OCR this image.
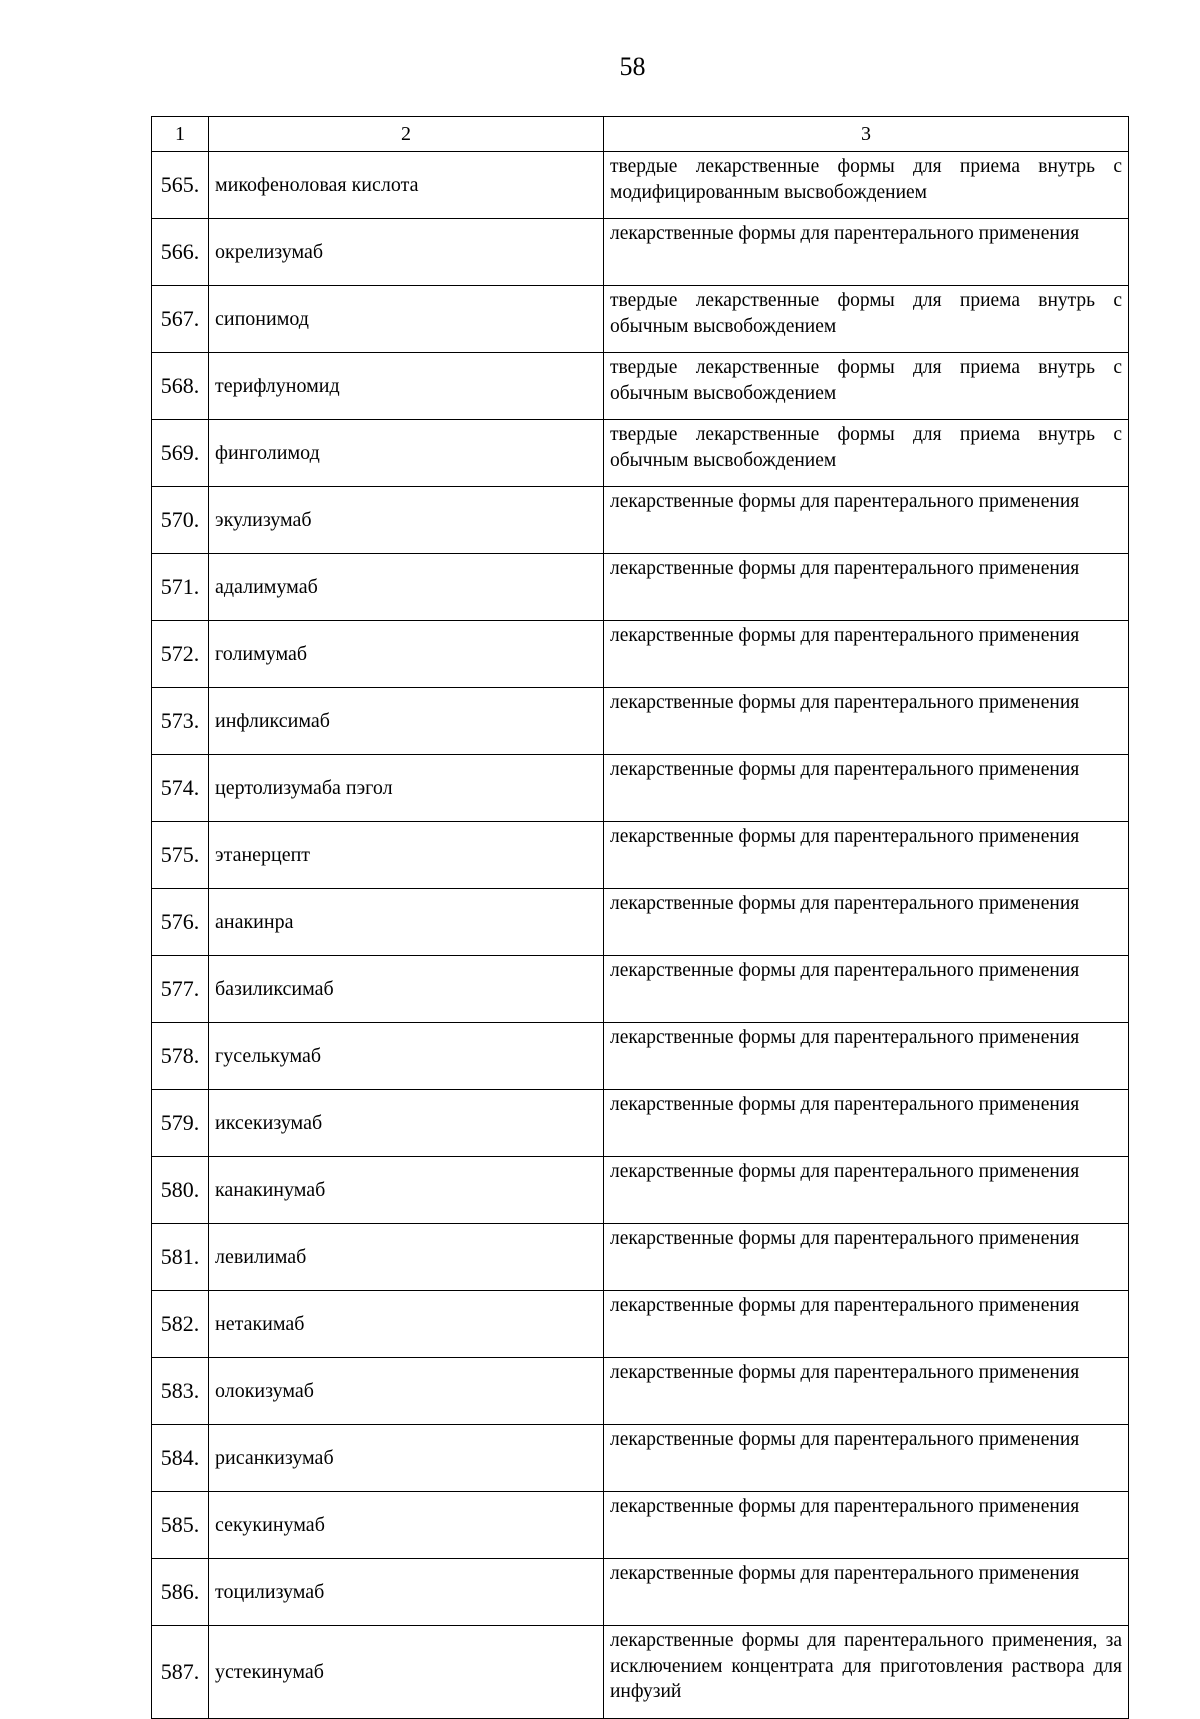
58
1	2	3
565.	микофеноловая кислота	твердые лекарственные формы для приема внутрь с модифицированным высвобождением
566.	окрелизумаб	лекарственные формы для парентерального применения
567.	сипонимод	твердые лекарственные формы для приема внутрь с обычным высвобождением
568.	терифлуномид	твердые лекарственные формы для приема внутрь с обычным высвобождением
569.	финголимод	твердые лекарственные формы для приема внутрь с обычным высвобождением
570.	экулизумаб	лекарственные формы для парентерального применения
571.	адалимумаб	лекарственные формы для парентерального применения
572.	голимумаб	лекарственные формы для парентерального применения
573.	инфликсимаб	лекарственные формы для парентерального применения
574.	цертолизумаба пэгол	лекарственные формы для парентерального применения
575.	этанерцепт	лекарственные формы для парентерального применения
576.	анакинра	лекарственные формы для парентерального применения
577.	базиликсимаб	лекарственные формы для парентерального применения
578.	гуселькумаб	лекарственные формы для парентерального применения
579.	иксекизумаб	лекарственные формы для парентерального применения
580.	канакинумаб	лекарственные формы для парентерального применения
581.	левилимаб	лекарственные формы для парентерального применения
582.	нетакимаб	лекарственные формы для парентерального применения
583.	олокизумаб	лекарственные формы для парентерального применения
584.	рисанкизумаб	лекарственные формы для парентерального применения
585.	секукинумаб	лекарственные формы для парентерального применения
586.	тоцилизумаб	лекарственные формы для парентерального применения
587.	устекинумаб	лекарственные формы для парентерального применения, за исключением концентрата для приготовления раствора для инфузий
